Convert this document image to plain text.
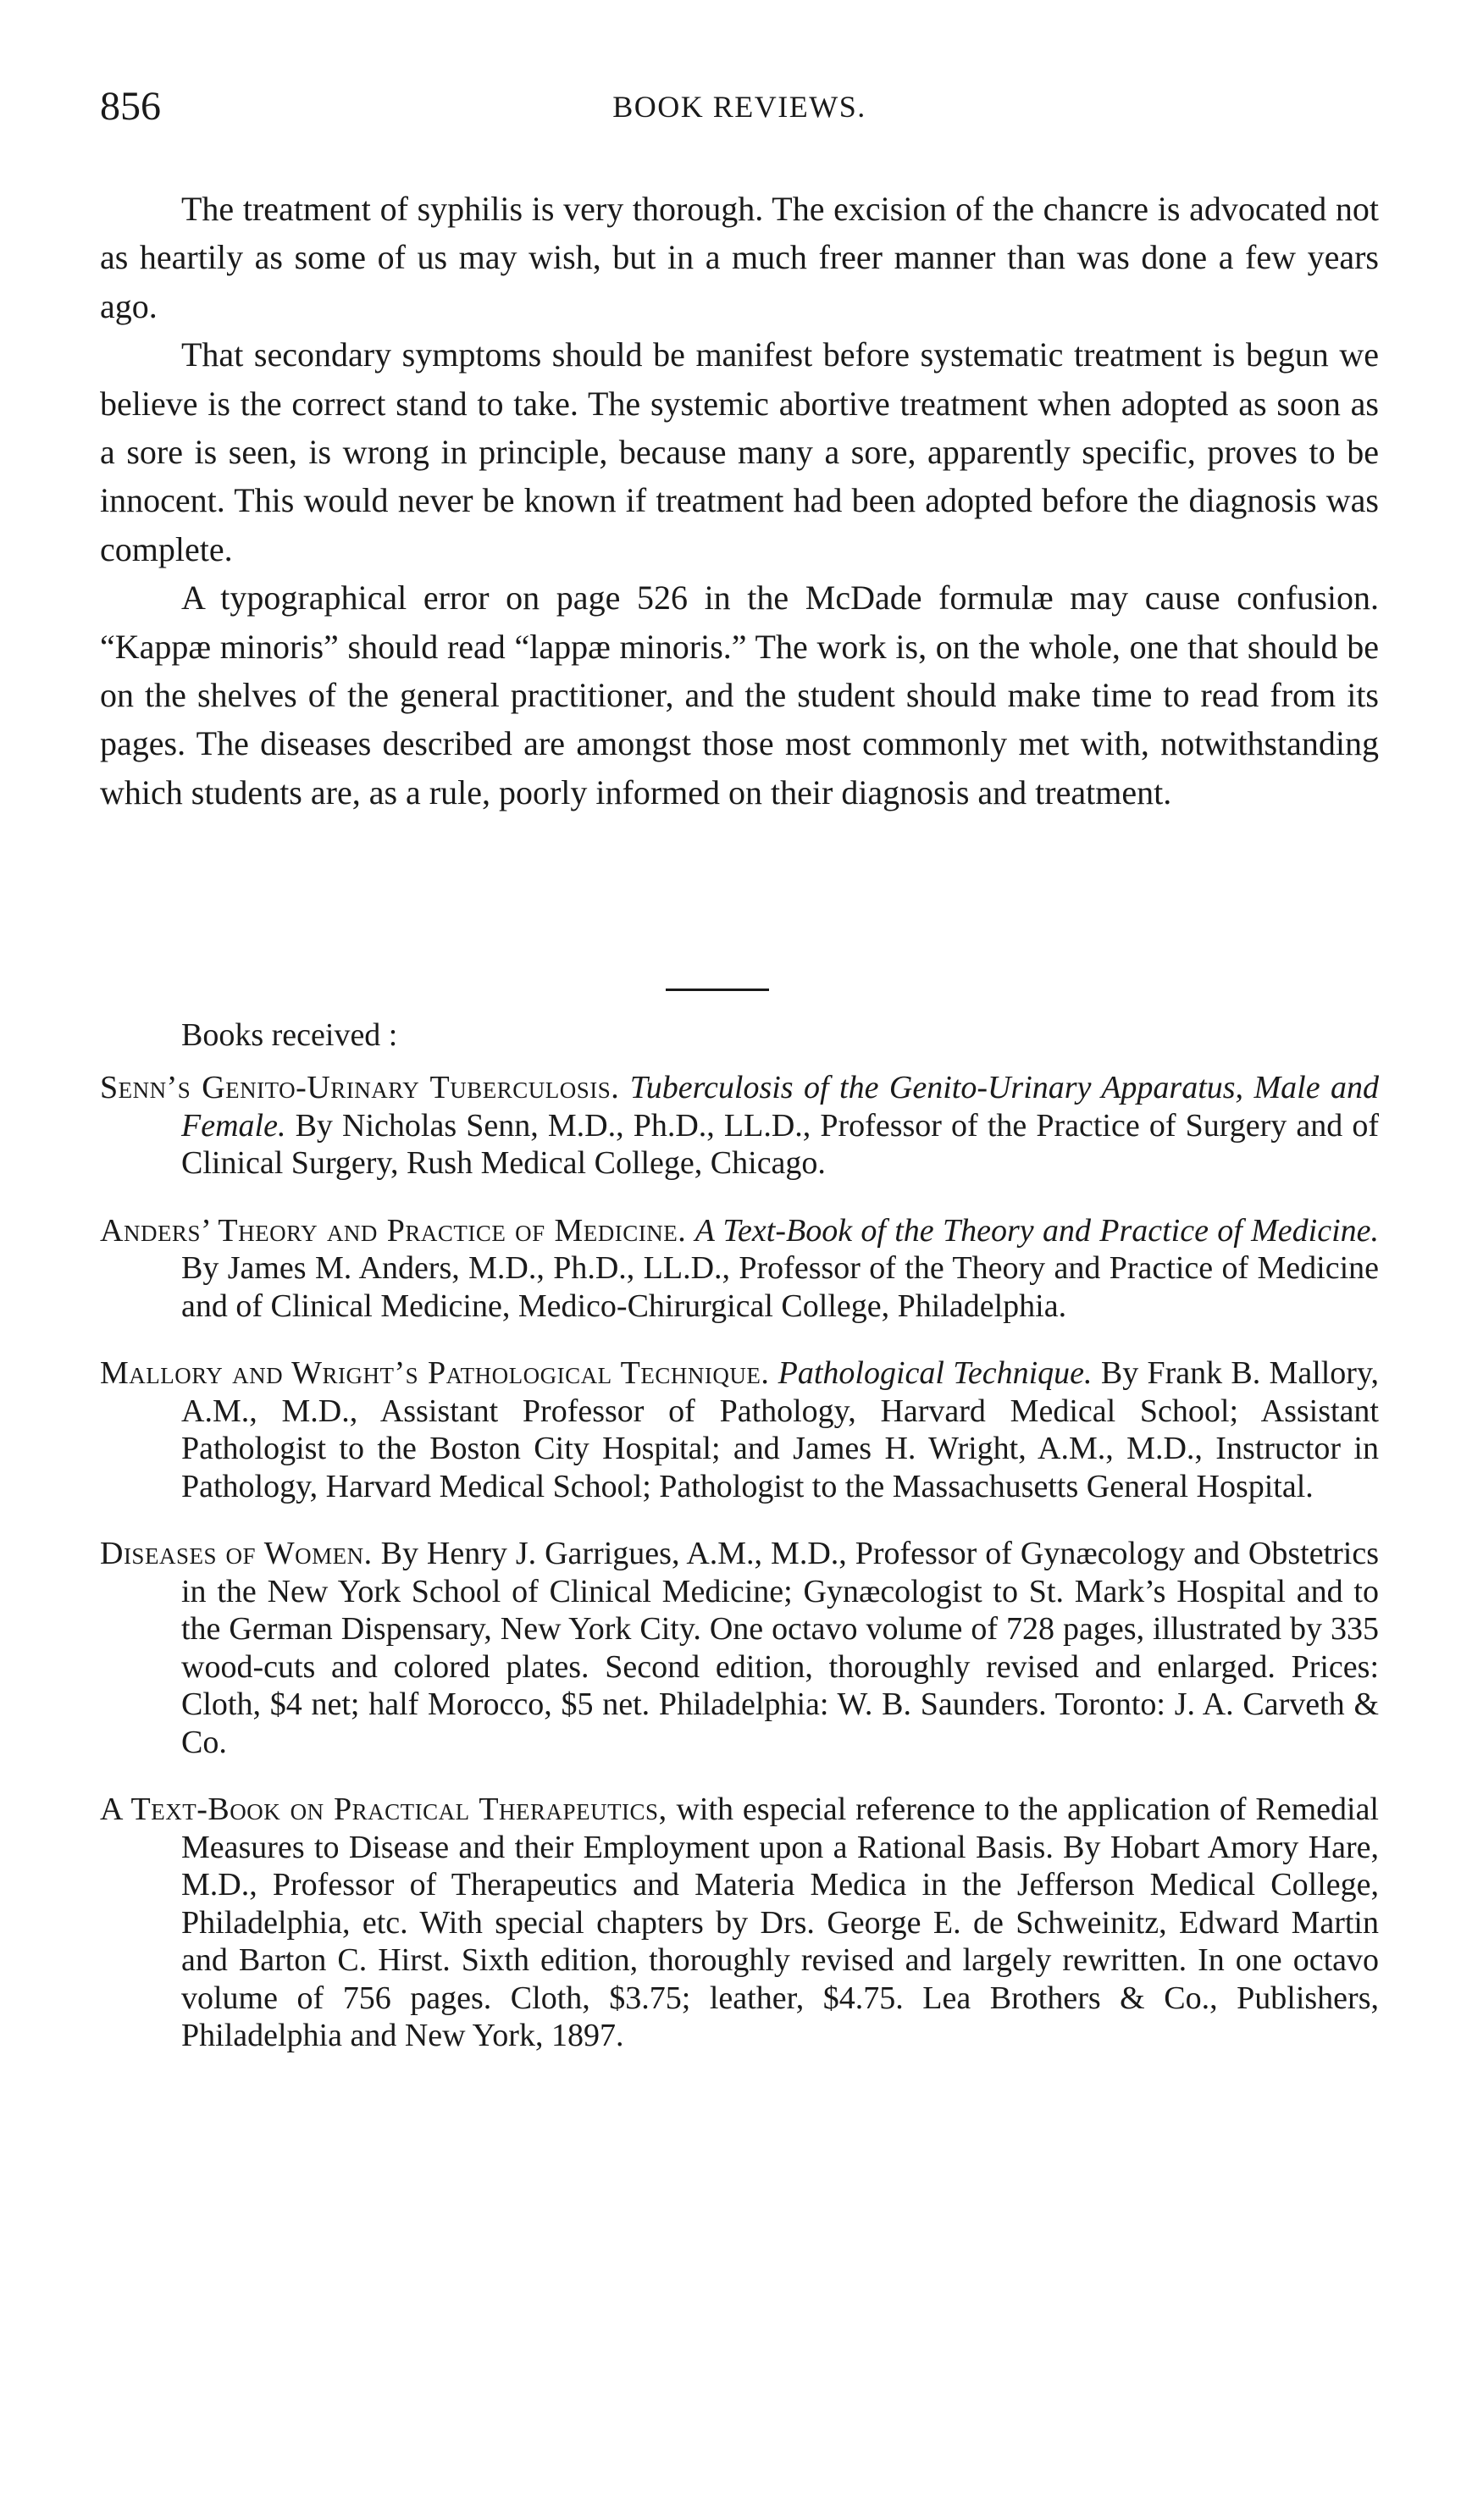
856	BOOK REVIEWS.

The treatment of syphilis is very thorough. The excision of the chancre is advocated not as heartily as some of us may wish, but in a much freer manner than was done a few years ago.

That secondary symptoms should be manifest before systematic treatment is begun we believe is the correct stand to take. The systemic abortive treatment when adopted as soon as a sore is seen, is wrong in principle, because many a sore, apparently specific, proves to be innocent. This would never be known if treatment had been adopted before the diagnosis was complete.

A typographical error on page 526 in the McDade formulæ may cause confusion. “Kappæ minoris” should read “lappæ minoris.” The work is, on the whole, one that should be on the shelves of the general practitioner, and the student should make time to read from its pages. The diseases described are amongst those most commonly met with, notwithstanding which students are, as a rule, poorly informed on their diagnosis and treatment.

Books received :

Senn’s Genito-Urinary Tuberculosis. Tuberculosis of the Genito-Urinary Apparatus, Male and Female. By Nicholas Senn, M.D., Ph.D., LL.D., Professor of the Practice of Surgery and of Clinical Surgery, Rush Medical College, Chicago.

Anders’ Theory and Practice of Medicine. A Text-Book of the Theory and Practice of Medicine. By James M. Anders, M.D., Ph.D., LL.D., Professor of the Theory and Practice of Medicine and of Clinical Medicine, Medico-Chirurgical College, Philadelphia.

Mallory and Wright’s Pathological Technique. Pathological Technique. By Frank B. Mallory, A.M., M.D., Assistant Professor of Pathology, Harvard Medical School; Assistant Pathologist to the Boston City Hospital; and James H. Wright, A.M., M.D., Instructor in Pathology, Harvard Medical School; Pathologist to the Massachusetts General Hospital.

Diseases of Women. By Henry J. Garrigues, A.M., M.D., Professor of Gynæcology and Obstetrics in the New York School of Clinical Medicine; Gynæcologist to St. Mark’s Hospital and to the German Dispensary, New York City. One octavo volume of 728 pages, illustrated by 335 wood-cuts and colored plates. Second edition, thoroughly revised and enlarged. Prices: Cloth, $4 net; half Morocco, $5 net. Philadelphia: W. B. Saunders. Toronto: J. A. Carveth & Co.

A Text-Book on Practical Therapeutics, with especial reference to the application of Remedial Measures to Disease and their Employment upon a Rational Basis. By Hobart Amory Hare, M.D., Professor of Therapeutics and Materia Medica in the Jefferson Medical College, Philadelphia, etc. With special chapters by Drs. George E. de Schweinitz, Edward Martin and Barton C. Hirst. Sixth edition, thoroughly revised and largely rewritten. In one octavo volume of 756 pages. Cloth, $3.75; leather, $4.75. Lea Brothers & Co., Publishers, Philadelphia and New York, 1897.
